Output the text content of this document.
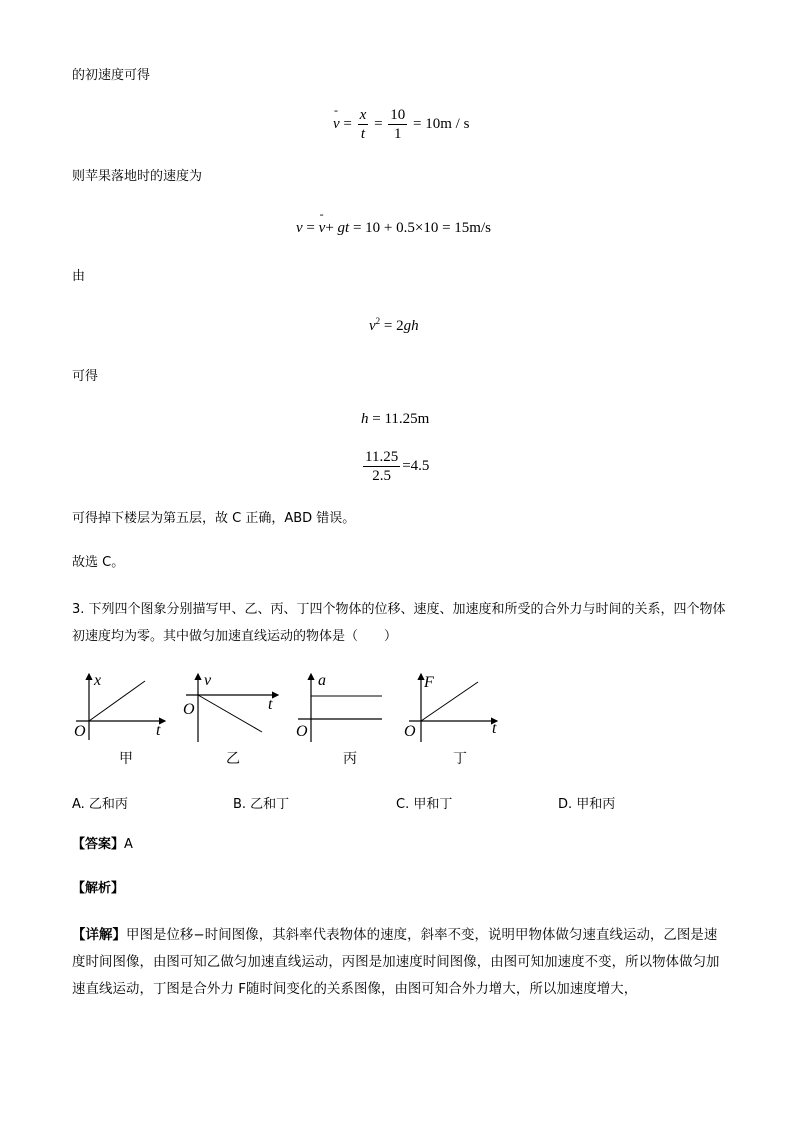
的初速度可得
- $v = \frac{x}{t} = \frac{10}{1} = 10m / s$
则苹果落地时的速度为
v = - v+ gt = 10 + 0.5×10 = 15m/s
由
$v^2 = 2gh$
可得
h = 11.25m
$\frac{11.25}{2.5} =4.5$
可得掉下楼层为第五层，故 C 正确，ABD 错误。
故选 C。
3. 下列四个图象分别描写甲、乙、丙、丁四个物体的位移、速度、加速度和所受的合外力与时间的关系，四个物体初速度均为零。其中做匀加速直线运动的物体是（　　）
x
t
O
甲
v
t
O
乙
a
O
丙
F
t
O
丁
A. 乙和丙	B. 乙和丁	C. 甲和丁	D. 甲和丙
【答案】A
【解析】
【详解】甲图是位移−时间图像，其斜率代表物体的速度，斜率不变，说明甲物体做匀速直线运动，乙图是速度时间图像，由图可知乙做匀加速直线运动，丙图是加速度时间图像，由图可知加速度不变，所以物体做匀加速直线运动，丁图是合外力 F随时间变化的关系图像，由图可知合外力增大，所以加速度增大，
